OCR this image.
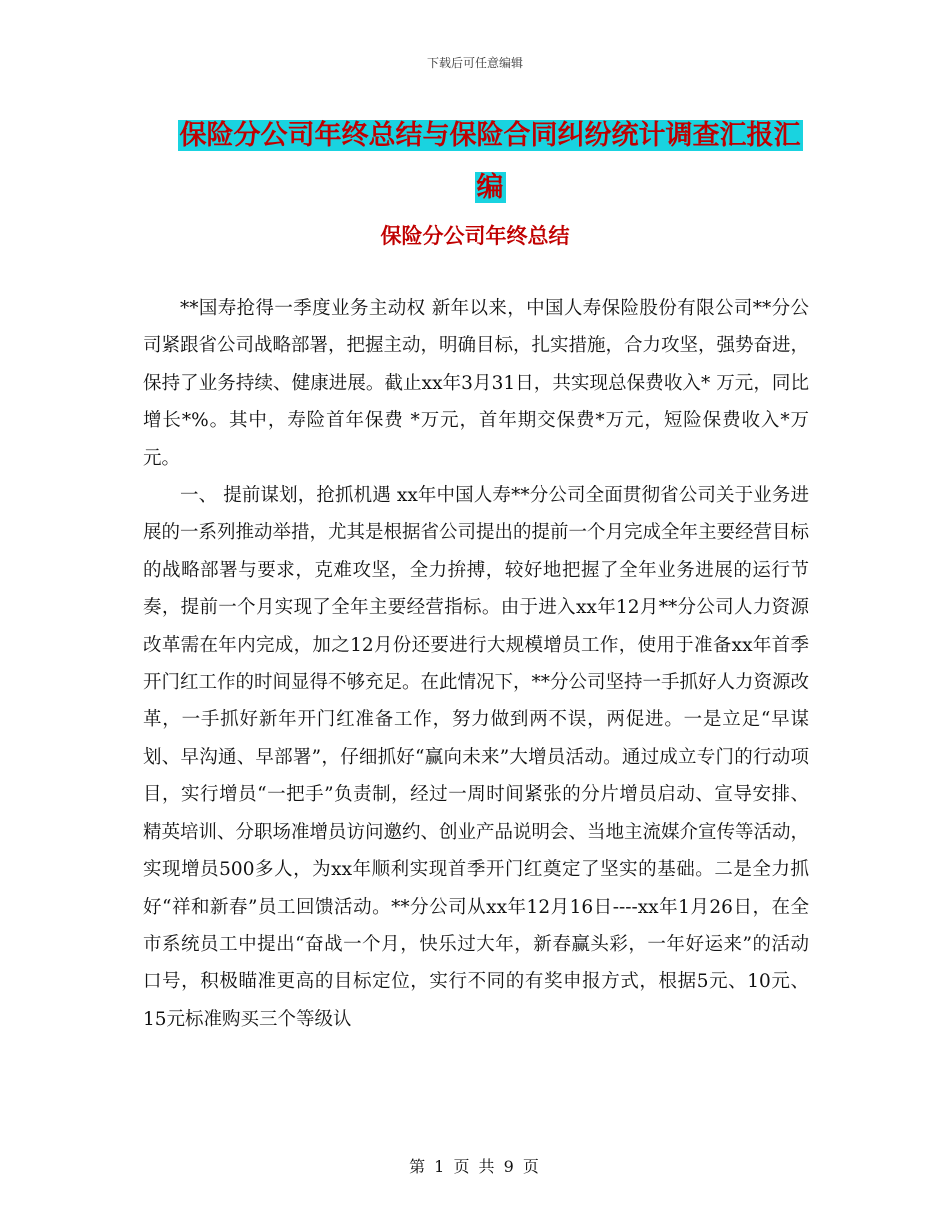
下载后可任意编辑
保险分公司年终总结与保险合同纠纷统计调查汇报汇
编
保险分公司年终总结

**国寿抢得一季度业务主动权 新年以来，中国人寿保险股份有限公司**分公司紧跟省公司战略部署，把握主动，明确目标，扎实措施，合力攻坚，强势奋进，保持了业务持续、健康进展。截止xx年3月31日，共实现总保费收入* 万元，同比增长*%。其中，寿险首年保费 *万元，首年期交保费*万元，短险保费收入*万元。

一、 提前谋划，抢抓机遇 xx年中国人寿**分公司全面贯彻省公司关于业务进展的一系列推动举措，尤其是根据省公司提出的提前一个月完成全年主要经营目标的战略部署与要求，克难攻坚，全力拚搏，较好地把握了全年业务进展的运行节奏，提前一个月实现了全年主要经营指标。由于进入xx年12月**分公司人力资源改革需在年内完成，加之12月份还要进行大规模增员工作，使用于准备xx年首季开门红工作的时间显得不够充足。在此情况下，**分公司坚持一手抓好人力资源改革，一手抓好新年开门红准备工作，努力做到两不误，两促进。一是立足“早谋划、早沟通、早部署”，仔细抓好“赢向未来”大增员活动。通过成立专门的行动项目，实行增员“一把手”负责制，经过一周时间紧张的分片增员启动、宣导安排、精英培训、分职场准增员访问邀约、创业产品说明会、当地主流媒介宣传等活动，实现增员500多人，为xx年顺利实现首季开门红奠定了坚实的基础。二是全力抓好“祥和新春”员工回馈活动。**分公司从xx年12月16日----xx年1月26日，在全市系统员工中提出“奋战一个月，快乐过大年，新春赢头彩，一年好运来”的活动口号，积极瞄准更高的目标定位，实行不同的有奖申报方式，根据5元、10元、15元标准购买三个等级认

第 1 页 共 9 页
